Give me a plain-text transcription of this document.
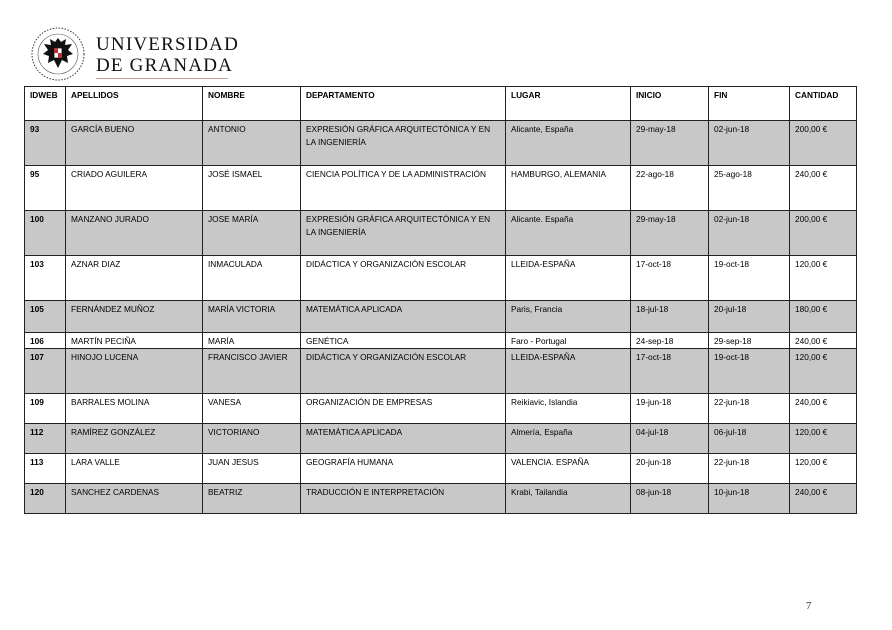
UNIVERSIDAD
DE GRANADA
IDWEB	APELLIDOS	NOMBRE	DEPARTAMENTO	LUGAR	INICIO	FIN	CANTIDAD
93	GARCÍA BUENO	ANTONIO	EXPRESIÓN GRÁFICA ARQUITECTÓNICA Y EN LA INGENIERÍA	Alicante, España	29-may-18	02-jun-18	200,00 €
95	CRIADO AGUILERA	JOSÉ ISMAEL	CIENCIA POLÍTICA Y DE LA ADMINISTRACIÓN	HAMBURGO, ALEMANIA	22-ago-18	25-ago-18	240,00 €
100	MANZANO JURADO	JOSE MARÍA	EXPRESIÓN GRÁFICA ARQUITECTÓNICA Y EN LA INGENIERÍA	Alicante. España	29-may-18	02-jun-18	200,00 €
103	AZNAR DIAZ	INMACULADA	DIDÁCTICA Y ORGANIZACIÓN ESCOLAR	LLEIDA-ESPAÑA	17-oct-18	19-oct-18	120,00 €
105	FERNÁNDEZ MUÑOZ	MARÍA VICTORIA	MATEMÁTICA APLICADA	Paris, Francia	18-jul-18	20-jul-18	180,00 €
106	MARTÍN PECIÑA	MARÍA	GENÉTICA	Faro - Portugal	24-sep-18	29-sep-18	240,00 €
107	HINOJO LUCENA	FRANCISCO JAVIER	DIDÁCTICA Y ORGANIZACIÓN ESCOLAR	LLEIDA-ESPAÑA	17-oct-18	19-oct-18	120,00 €
109	BARRALES MOLINA	VANESA	ORGANIZACIÓN DE EMPRESAS	Reikiavic, Islandia	19-jun-18	22-jun-18	240,00 €
112	RAMÍREZ GONZÁLEZ	VICTORIANO	MATEMÁTICA APLICADA	Almería, España	04-jul-18	06-jul-18	120,00 €
113	LARA VALLE	JUAN JESUS	GEOGRAFÍA HUMANA	VALENCIA. ESPAÑA	20-jun-18	22-jun-18	120,00 €
120	SANCHEZ CARDENAS	BEATRIZ	TRADUCCIÓN E INTERPRETACIÓN	Krabi, Tailandia	08-jun-18	10-jun-18	240,00 €
7
